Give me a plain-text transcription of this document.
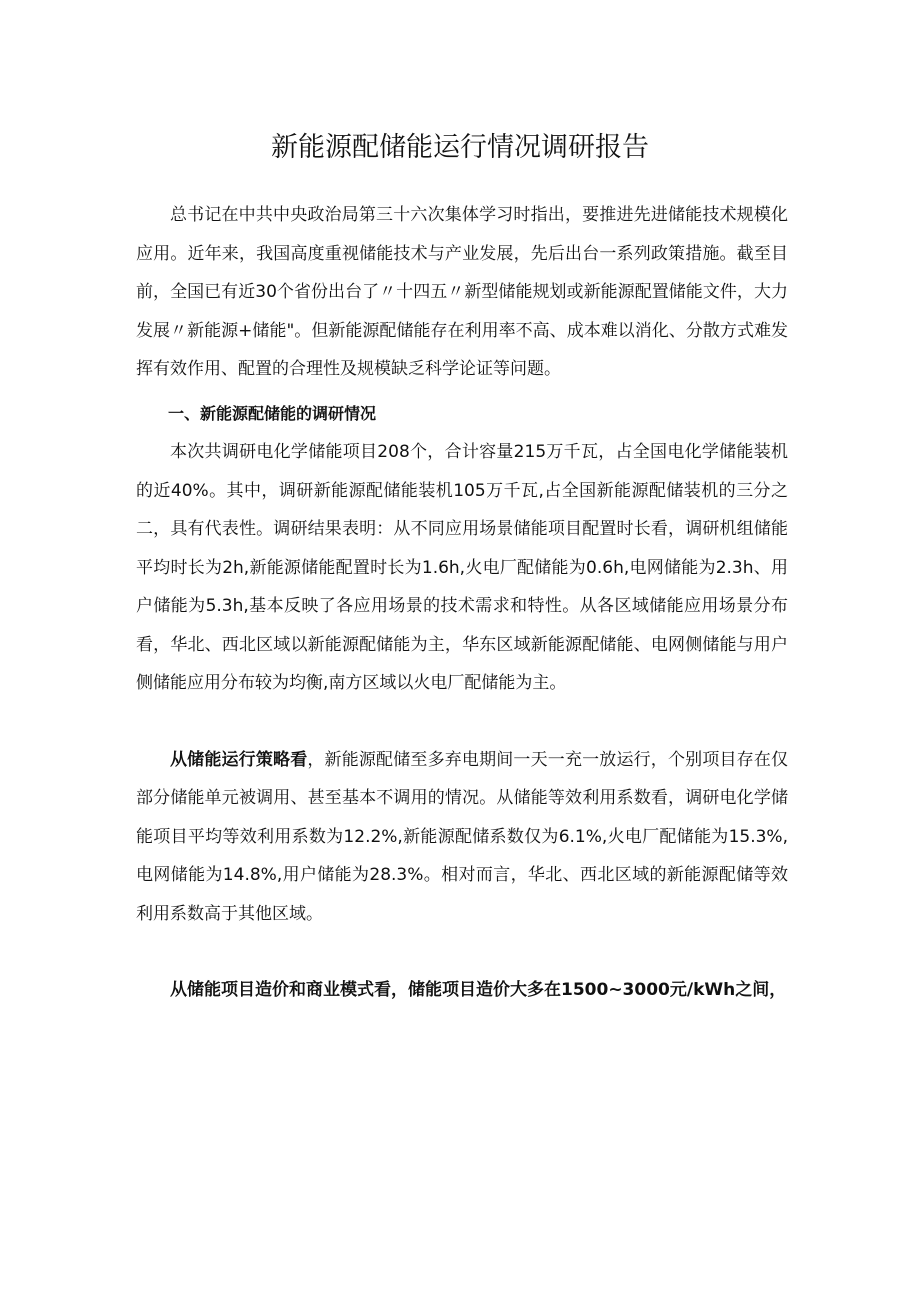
新能源配储能运行情况调研报告

总书记在中共中央政治局第三十六次集体学习时指出，要推进先进储能技术规模化应用。近年来，我国高度重视储能技术与产业发展，先后出台一系列政策措施。截至目前，全国已有近30个省份出台了〃十四五〃新型储能规划或新能源配置储能文件，大力发展〃新能源+储能"。但新能源配储能存在利用率不高、成本难以消化、分散方式难发挥有效作用、配置的合理性及规模缺乏科学论证等问题。

一、新能源配储能的调研情况

本次共调研电化学储能项目208个，合计容量215万千瓦，占全国电化学储能装机的近40%。其中，调研新能源配储能装机105万千瓦,占全国新能源配储装机的三分之二，具有代表性。调研结果表明：从不同应用场景储能项目配置时长看，调研机组储能平均时长为2h,新能源储能配置时长为1.6h,火电厂配储能为0.6h,电网储能为2.3h、用户储能为5.3h,基本反映了各应用场景的技术需求和特性。从各区域储能应用场景分布看，华北、西北区域以新能源配储能为主，华东区域新能源配储能、电网侧储能与用户侧储能应用分布较为均衡,南方区域以火电厂配储能为主。

从储能运行策略看，新能源配储至多弃电期间一天一充一放运行，个别项目存在仅部分储能单元被调用、甚至基本不调用的情况。从储能等效利用系数看，调研电化学储能项目平均等效利用系数为12.2%,新能源配储系数仅为6.1%,火电厂配储能为15.3%,电网储能为14.8%,用户储能为28.3%。相对而言，华北、西北区域的新能源配储等效利用系数高于其他区域。

从储能项目造价和商业模式看，储能项目造价大多在1500~3000元/kWh之间，
